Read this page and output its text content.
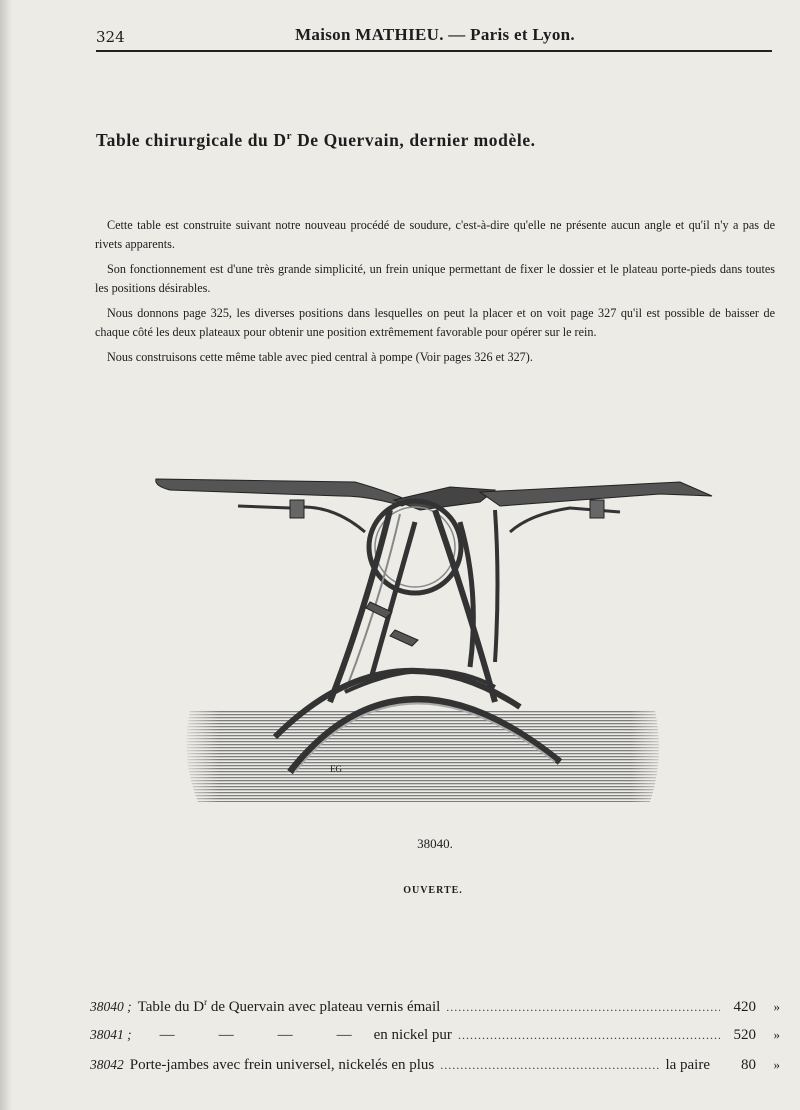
324	Maison MATHIEU. — Paris et Lyon.
Table chirurgicale du $D^r$ De Quervain, dernier modèle.

Cette table est construite suivant notre nouveau procédé de soudure, c'est-à-dire qu'elle ne présente aucun angle et qu'il n'y a pas de rivets apparents.

Son fonctionnement est d'une très grande simplicité, un frein unique permettant de fixer le dossier et le plateau porte-pieds dans toutes les positions désirables.

Nous donnons page 325, les diverses positions dans lesquelles on peut la placer et on voit page 327 qu'il est possible de baisser de chaque côté les deux plateaux pour obtenir une position extrêmement favorable pour opérer sur le rein.

Nous construisons cette même table avec pied central à pompe (Voir pages 326 et 327).

EG
38040.
OUVERTE.
38040 ; Table du $D^r$ de Quervain avec plateau vernis émail .....	420	»
38041 ;	—	—	—	— en nickel pur .....	520	»
38042 Porte-jambes avec frein universel, nickelés en plus .....	la paire	80	»
